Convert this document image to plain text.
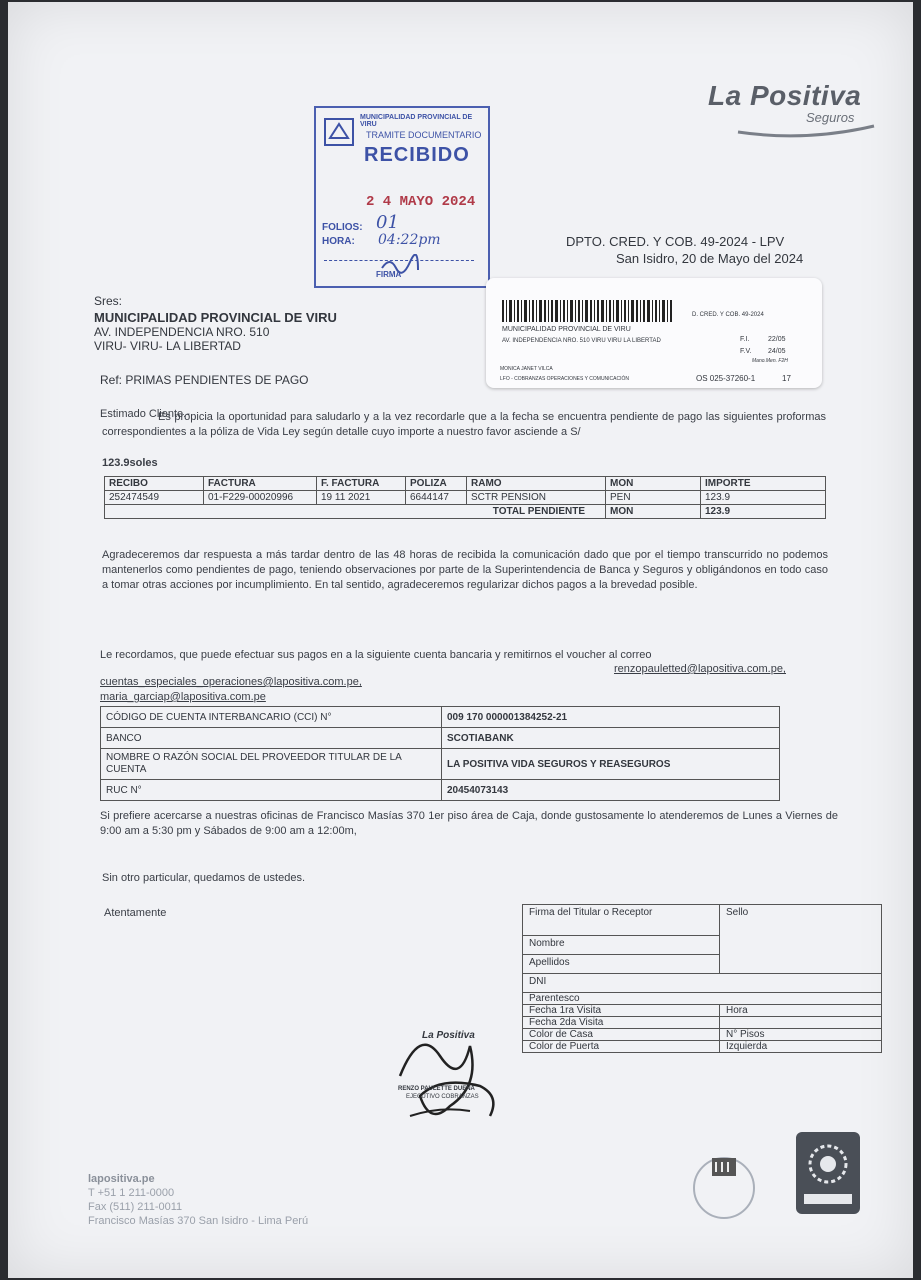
La Positiva
Seguros
MUNICIPALIDAD PROVINCIAL DE VIRU
TRAMITE DOCUMENTARIO
RECIBIDO
2 4 MAYO 2024
FOLIOS: 01
HORA: 04:22pm
FIRMA
DPTO. CRED. Y COB. 49-2024 - LPV
San Isidro, 20 de Mayo del 2024
Sres:
MUNICIPALIDAD PROVINCIAL DE VIRU
AV. INDEPENDENCIA NRO. 510
VIRU- VIRU- LA LIBERTAD
D. CRED. Y COB. 49-2024
MUNICIPALIDAD PROVINCIAL DE VIRU
AV. INDEPENDENCIA NRO. 510 VIRU VIRU LA LIBERTAD	F.I.	22/05
F.V. 24/05
Mano.Men. F2H
MONICA JANET VILCA
LFO - COBRANZAS OPERACIONES Y COMUNICACIÓN	OS 025-37260-1	17
Ref: PRIMAS PENDIENTES DE PAGO
Estimado Cliente.-
Es propicia la oportunidad para saludarlo y a la vez recordarle que a la fecha se encuentra pendiente de pago las siguientes proformas correspondientes a la póliza de Vida Ley según detalle cuyo importe a nuestro favor asciende a S/
123.9soles
RECIBO	FACTURA	F. FACTURA	POLIZA	RAMO	MON	IMPORTE
252474549	01-F229-00020996	19 11 2021	6644147	SCTR PENSION	PEN	123.9
TOTAL PENDIENTE					MON	123.9
Agradeceremos dar respuesta a más tardar dentro de las 48 horas de recibida la comunicación dado que por el tiempo transcurrido no podemos mantenerlos como pendientes de pago, teniendo observaciones por parte de la Superintendencia de Banca y Seguros y obligándonos en todo caso a tomar otras acciones por incumplimiento. En tal sentido, agradeceremos regularizar dichos pagos a la brevedad posible.
Le recordamos, que puede efectuar sus pagos en a la siguiente cuenta bancaria y remitirnos el voucher al correo
renzopauletted@lapositiva.com.pe,
cuentas_especiales_operaciones@lapositiva.com.pe,
maria_garciap@lapositiva.com.pe
CÓDIGO DE CUENTA INTERBANCARIO (CCI) N°	009 170 000001384252-21
BANCO	SCOTIABANK
NOMBRE O RAZÓN SOCIAL DEL PROVEEDOR TITULAR DE LA CUENTA	LA POSITIVA VIDA SEGUROS Y REASEGUROS
RUC N°	20454073143
Si prefiere acercarse a nuestras oficinas de Francisco Masías 370 1er piso área de Caja, donde gustosamente lo atenderemos de Lunes a Viernes de 9:00 am a 5:30 pm y Sábados de 9:00 am a 12:00m,
Sin otro particular, quedamos de ustedes.
Atentamente
La Positiva
RENZO PAULETTE DUEÑA
EJECUTIVO COBRANZAS
Firma del Titular o Receptor	Sello
Nombre	
Apellidos	
DNI	
Parentesco	
Fecha 1ra Visita	Hora
Fecha 2da Visita	
Color de Casa	N° Pisos
Color de Puerta	Izquierda
lapositiva.pe
T +51 1 211-0000
Fax (511) 211-0011
Francisco Masías 370 San Isidro - Lima Perú
